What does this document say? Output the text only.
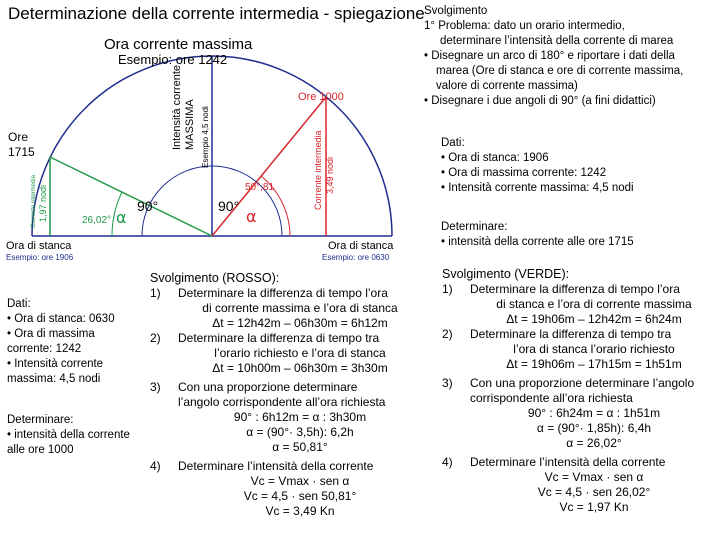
Determinazione della corrente intermedia - spiegazione
Ora corrente massima
Esempio: ore 1242
Ore 1000
Ore
1715
Intensità corrente MASSIMA Esempio 4,5 nodi	Corrente intermedia 3,49 nodi
Corrente intermedia 1,97 nodi	50°,81
26,02° α	α
90°	90°
Ora di stanca
Esempio: ore 1906
Ora di stanca
Esempio: ore 0630

Svolgimento

1° Problema: dato un orario intermedio,

determinare l’intensità della corrente di marea

• Disegnare un arco di 180° e riportare i dati della

marea (Ore di stanca e ore di corrente massima,

valore di corrente massima)

• Disegnare i due angoli di 90° (a fini didattici)

Dati:

• Ora di stanca: 1906

• Ora di massima corrente: 1242

• Intensità corrente massima: 4,5 nodi

Determinare:

• intensità della corrente alle ore 1715

Dati:

• Ora di stanca: 0630

• Ora di massima

corrente: 1242

• Intensità corrente

massima: 4,5 nodi

Determinare:

• intensità della corrente

alle ore 1000

Svolgimento (ROSSO):

1) Determinare la differenza di tempo l’ora
di corrente massima e l’ora di stanca
Δt = 12h42m – 06h30m = 6h12m
2) Determinare la differenza di tempo tra
l’orario richiesto e l’ora di stanca
Δt = 10h00m – 06h30m = 3h30m
3) Con una proporzione determinare
l’angolo corrispondente all’ora richiesta
90° : 6h12m = α : 3h30m
α = (90°· 3,5h): 6,2h
α = 50,81°
4) Determinare l’intensità della corrente
Vc = Vmax · sen α
Vc = 4,5 · sen 50,81°
Vc = 3,49 Kn

Svolgimento (VERDE):

1) Determinare la differenza di tempo l’ora
di stanca e l’ora di corrente massima
Δt = 19h06m – 12h42m = 6h24m
2) Determinare la differenza di tempo tra
l’ora di stanca l’orario richiesto
Δt = 19h06m – 17h15m = 1h51m
3) Con una proporzione determinare l’angolo
corrispondente all’ora richiesta
90° : 6h24m = α : 1h51m
α = (90°· 1,85h): 6,4h
α = 26,02°
4) Determinare l’intensità della corrente
Vc = Vmax · sen α
Vc = 4,5 · sen 26,02°
Vc = 1,97 Kn
